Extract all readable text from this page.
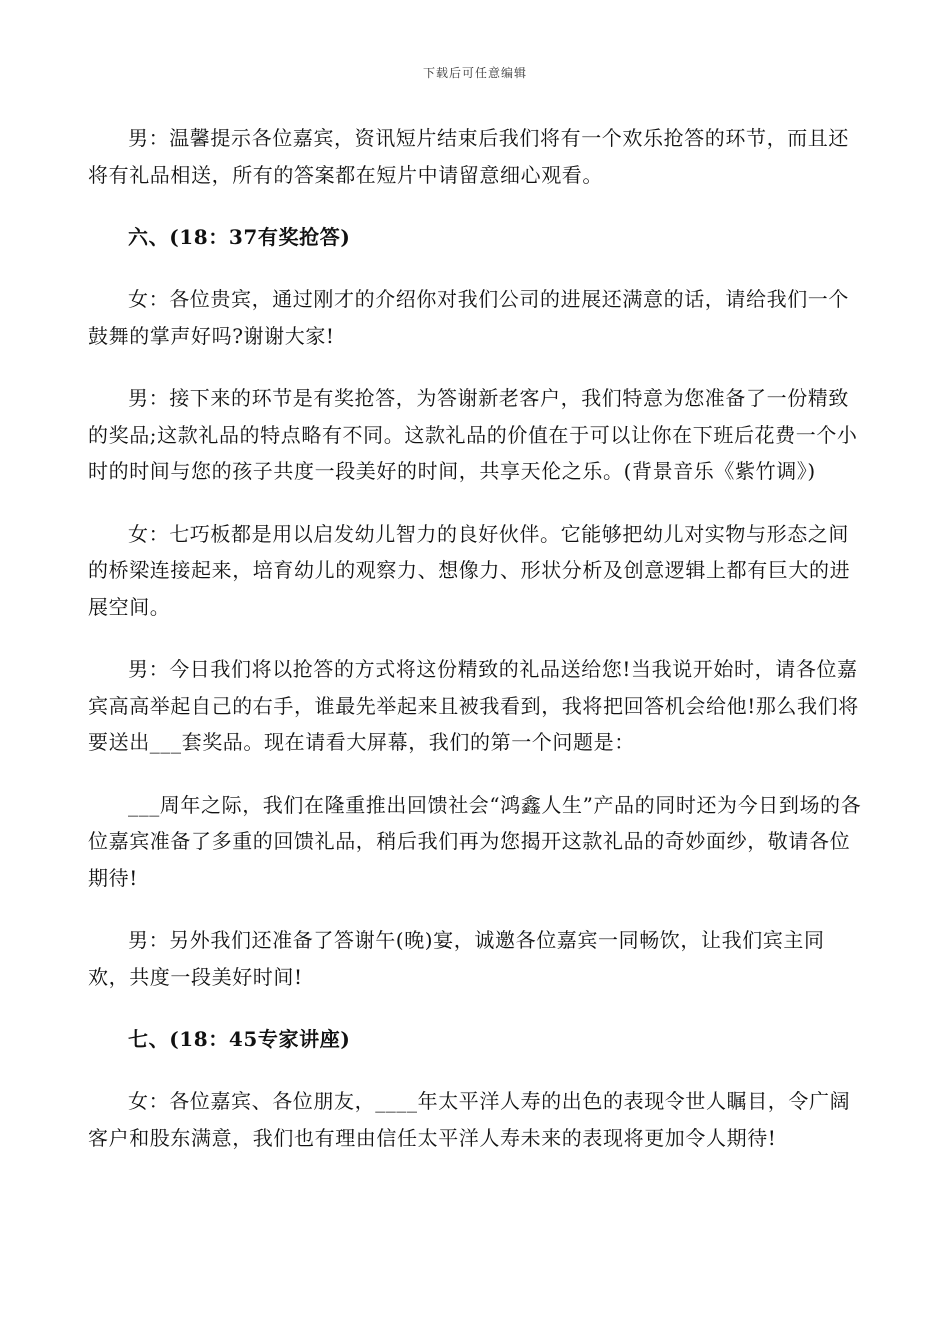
下载后可任意编辑
男：温馨提示各位嘉宾，资讯短片结束后我们将有一个欢乐抢答的环节，而且还将有礼品相送，所有的答案都在短片中请留意细心观看。
六、(18：37有奖抢答)
女：各位贵宾，通过刚才的介绍你对我们公司的进展还满意的话，请给我们一个鼓舞的掌声好吗?谢谢大家!
男：接下来的环节是有奖抢答，为答谢新老客户，我们特意为您准备了一份精致的奖品;这款礼品的特点略有不同。这款礼品的价值在于可以让你在下班后花费一个小时的时间与您的孩子共度一段美好的时间，共享天伦之乐。(背景音乐《紫竹调》)
女：七巧板都是用以启发幼儿智力的良好伙伴。它能够把幼儿对实物与形态之间的桥梁连接起来，培育幼儿的观察力、想像力、形状分析及创意逻辑上都有巨大的进展空间。
男：今日我们将以抢答的方式将这份精致的礼品送给您!当我说开始时，请各位嘉宾高高举起自己的右手，谁最先举起来且被我看到，我将把回答机会给他!那么我们将要送出___套奖品。现在请看大屏幕，我们的第一个问题是：
___周年之际，我们在隆重推出回馈社会“鸿鑫人生”产品的同时还为今日到场的各位嘉宾准备了多重的回馈礼品，稍后我们再为您揭开这款礼品的奇妙面纱，敬请各位期待!
男：另外我们还准备了答谢午(晚)宴，诚邀各位嘉宾一同畅饮，让我们宾主同欢，共度一段美好时间!
七、(18：45专家讲座)
女：各位嘉宾、各位朋友，____年太平洋人寿的出色的表现令世人瞩目，令广阔客户和股东满意，我们也有理由信任太平洋人寿未来的表现将更加令人期待!
